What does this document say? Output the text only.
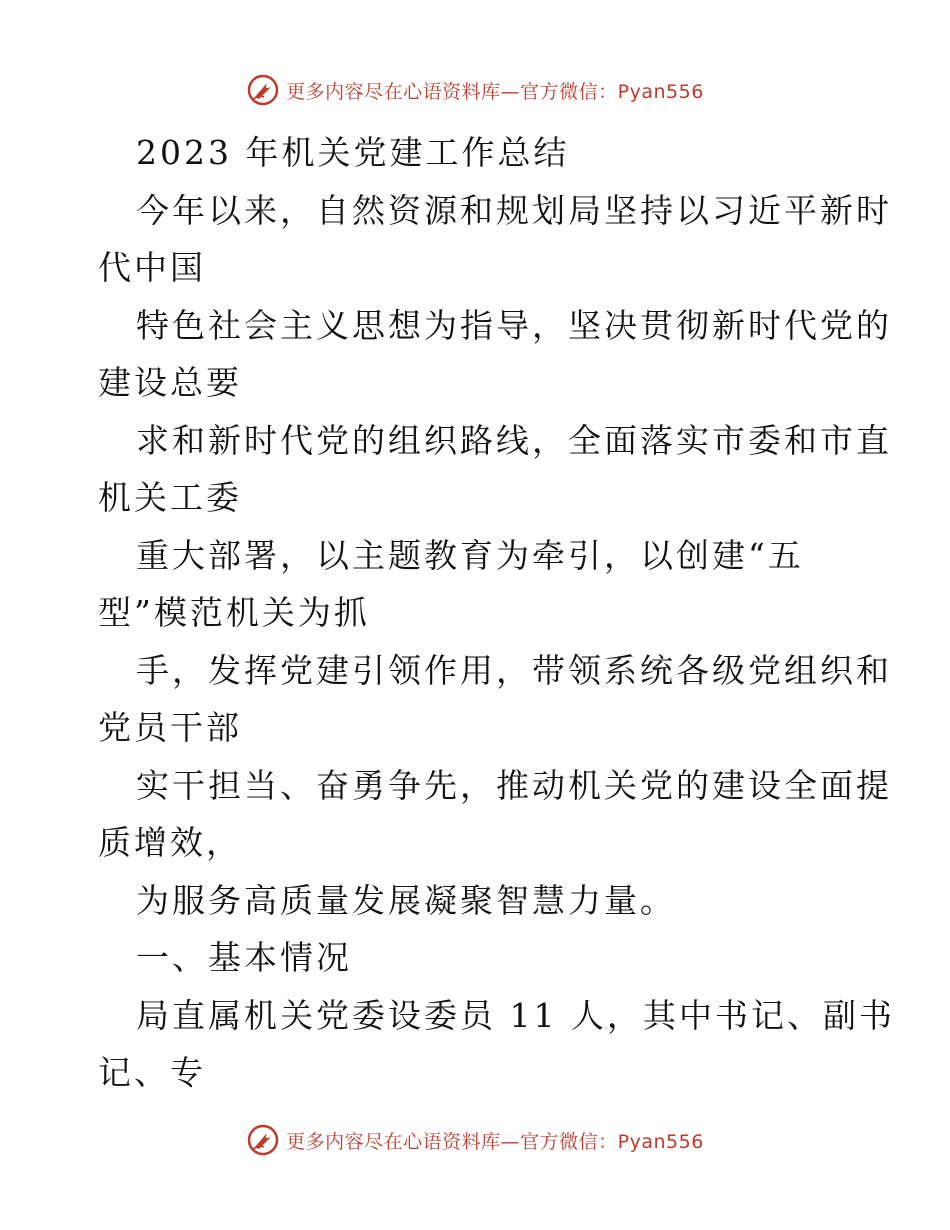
更多内容尽在心语资料库—官方微信：Pyan556
2023 年机关党建工作总结
今年以来，自然资源和规划局坚持以习近平新时
代中国
特色社会主义思想为指导，坚决贯彻新时代党的
建设总要
求和新时代党的组织路线，全面落实市委和市直
机关工委
重大部署，以主题教育为牵引，以创建“五
型”模范机关为抓
手，发挥党建引领作用，带领系统各级党组织和
党员干部
实干担当、奋勇争先，推动机关党的建设全面提
质增效，
为服务高质量发展凝聚智慧力量。
一、基本情况
局直属机关党委设委员 11 人，其中书记、副书
记、专
更多内容尽在心语资料库—官方微信：Pyan556
